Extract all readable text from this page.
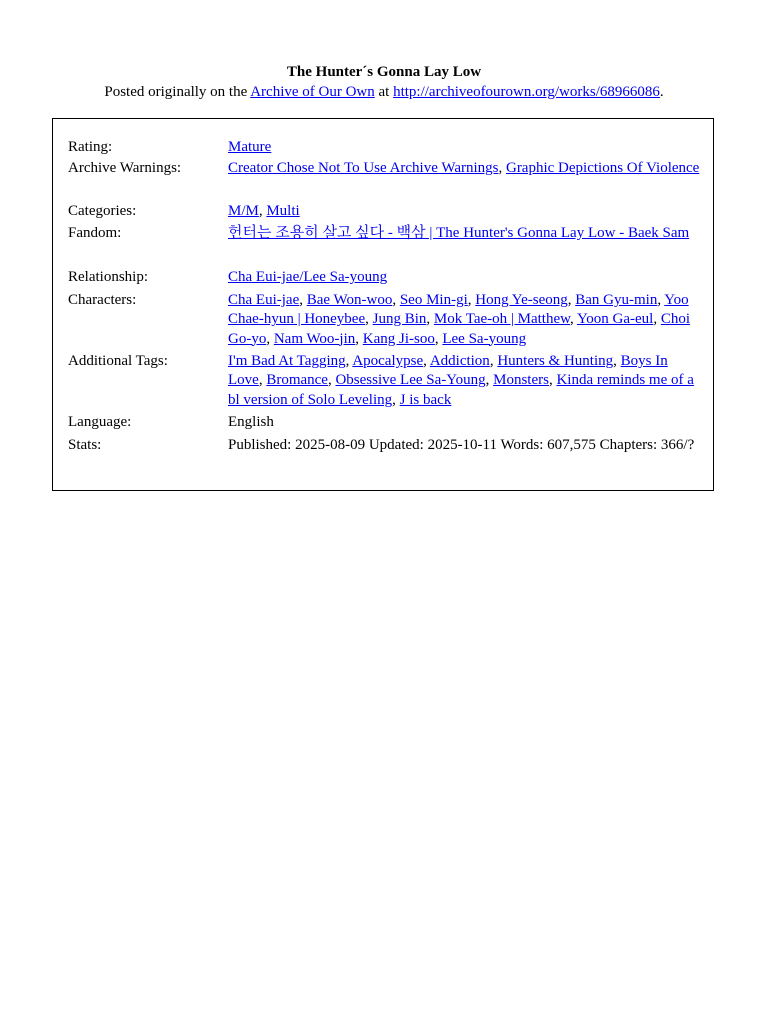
The Hunter´s Gonna Lay Low
Posted originally on the Archive of Our Own at http://archiveofourown.org/works/68966086.
Rating:	Mature
Archive Warnings:	Creator Chose Not To Use Archive Warnings, Graphic Depictions Of Violence
Categories:	M/M, Multi
Fandom:	헌터는 조용히 살고 싶다 - 백삼 | The Hunter's Gonna Lay Low - Baek Sam
Relationship:	Cha Eui-jae/Lee Sa-young
Characters:	Cha Eui-jae, Bae Won-woo, Seo Min-gi, Hong Ye-seong, Ban Gyu-min, Yoo Chae-hyun | Honeybee, Jung Bin, Mok Tae-oh | Matthew, Yoon Ga-eul, Choi Go-yo, Nam Woo-jin, Kang Ji-soo, Lee Sa-young
Additional Tags:	I'm Bad At Tagging, Apocalypse, Addiction, Hunters & Hunting, Boys In Love, Bromance, Obsessive Lee Sa-Young, Monsters, Kinda reminds me of a bl version of Solo Leveling, J is back
Language:	English
Stats:	Published: 2025-08-09 Updated: 2025-10-11 Words: 607,575 Chapters: 366/?
